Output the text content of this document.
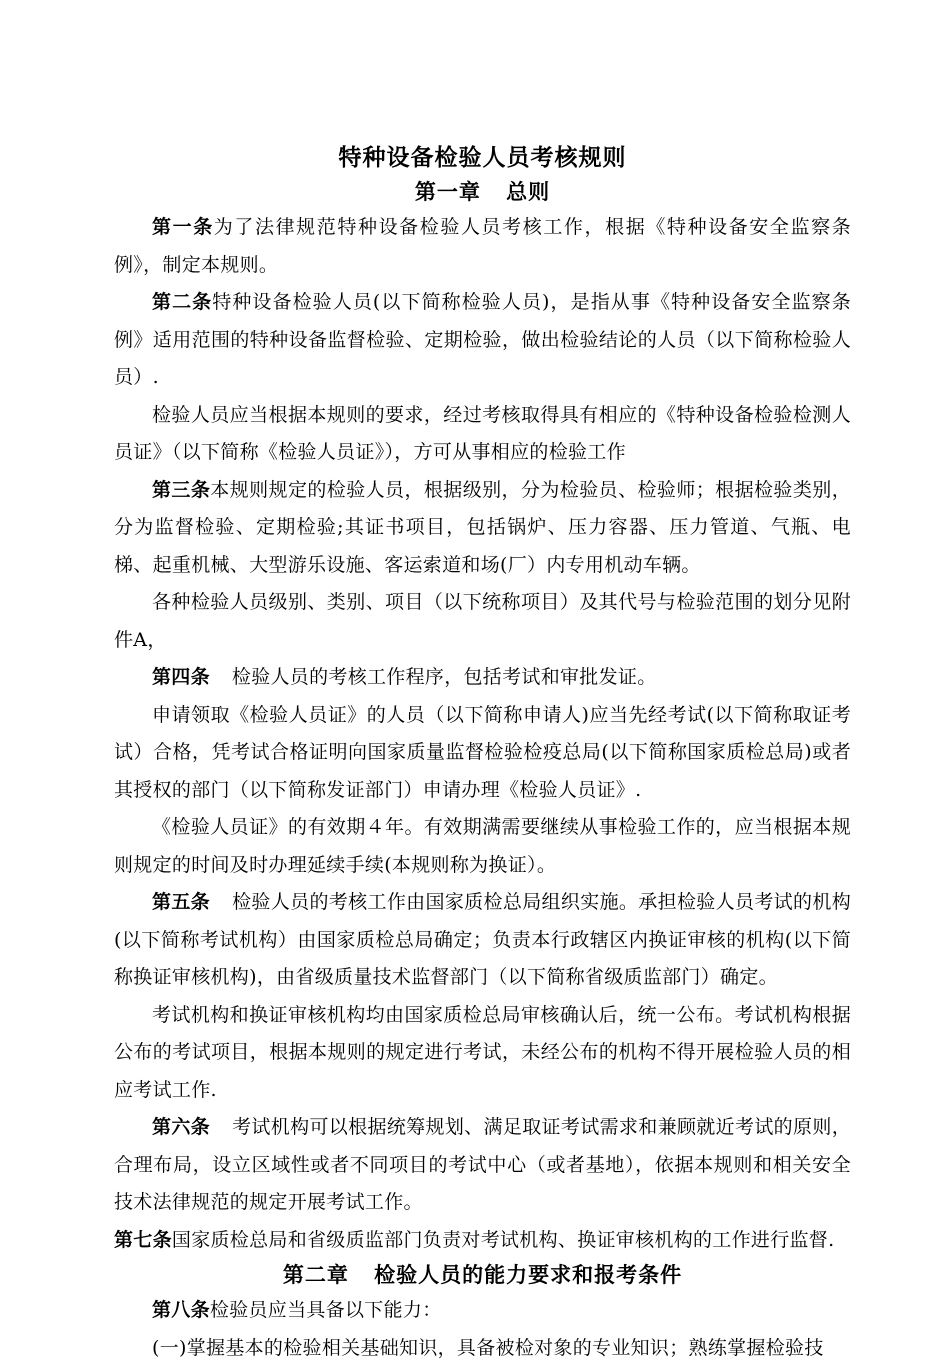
特种设备检验人员考核规则
第一章 总则

第一条为了法律规范特种设备检验人员考核工作，根据《特种设备安全监察条例》，制定本规则。

第二条特种设备检验人员(以下简称检验人员)，是指从事《特种设备安全监察条例》适用范围的特种设备监督检验、定期检验，做出检验结论的人员（以下简称检验人员）.

检验人员应当根据本规则的要求，经过考核取得具有相应的《特种设备检验检测人员证》（以下简称《检验人员证》），方可从事相应的检验工作

第三条本规则规定的检验人员，根据级别，分为检验员、检验师；根据检验类别，分为监督检验、定期检验;其证书项目，包括锅炉、压力容器、压力管道、气瓶、电梯、起重机械、大型游乐设施、客运索道和场(厂）内专用机动车辆。

各种检验人员级别、类别、项目（以下统称项目）及其代号与检验范围的划分见附件A，

第四条 检验人员的考核工作程序，包括考试和审批发证。

申请领取《检验人员证》的人员（以下简称申请人)应当先经考试(以下简称取证考试）合格，凭考试合格证明向国家质量监督检验检疫总局(以下简称国家质检总局)或者其授权的部门（以下简称发证部门）申请办理《检验人员证》.

《检验人员证》的有效期４年。有效期满需要继续从事检验工作的，应当根据本规则规定的时间及时办理延续手续(本规则称为换证）。

第五条 检验人员的考核工作由国家质检总局组织实施。承担检验人员考试的机构(以下简称考试机构）由国家质检总局确定；负责本行政辖区内换证审核的机构(以下简称换证审核机构)，由省级质量技术监督部门（以下简称省级质监部门）确定。

考试机构和换证审核机构均由国家质检总局审核确认后，统一公布。考试机构根据公布的考试项目，根据本规则的规定进行考试，未经公布的机构不得开展检验人员的相应考试工作.

第六条 考试机构可以根据统筹规划、满足取证考试需求和兼顾就近考试的原则，合理布局，设立区域性或者不同项目的考试中心（或者基地），依据本规则和相关安全技术法律规范的规定开展考试工作。

第七条国家质检总局和省级质监部门负责对考试机构、换证审核机构的工作进行监督.

第二章 检验人员的能力要求和报考条件

第八条检验员应当具备以下能力：

(一)掌握基本的检验相关基础知识，具备被检对象的专业知识；熟练掌握检验技
